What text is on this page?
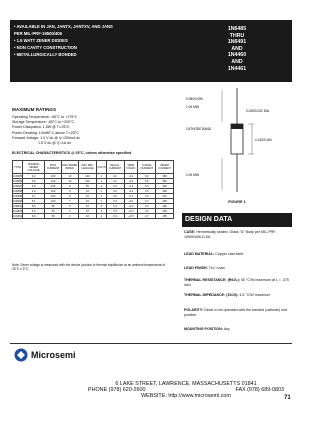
• AVAILABLE IN JAN, JANTX, JANTXV, AND JANS
PER MIL-PRF-19500/406
• 1.5 WATT ZENER DIODES
• NON CAVITY CONSTRUCTION
• METALLURGICALLY BONDED
1N6485
THRU
1N6491
AND
1N4460
AND
1N4461
MAXIMUM RATINGS
Operating Temperature: -65°C to +175°C
Storage Temperature: -65°C to +200°C
Power Dissipation: 1.5W @ Tₗ=25°C
Power Derating: 10mW/°C above Tₗ=25°C
Forward Voltage: 1.0 V dc @ Iƒ=200mA dc
1.5 V dc @ Iƒ=1A dc
ELECTRICAL CHARACTERISTICS @ 25°C, unless otherwise specified
TYPE	NOMINAL ZENER VOLTAGE	TEST CURRENT	MAX ZENER IMPED.	MAX REV. LEAKAGE	VOLTS	REGUL. CURRENT	TEMP. COEFF.	SURGE CURRENT	ZENER CURRENT
1N6485	3.3	100	10	100	1	0.2	-0.4	6.0	380
1N6486	3.6	100	10	100	1	0.2	-0.4	5.5	350
1N6487	3.9	100	9	50	1	0.2	-0.3	5.0	320
1N6488	4.3	100	9	10	1	0.2	-0.2	4.5	290
1N6489	4.7	100	8	10	1	0.2	-0.1	4.0	270
1N6490	5.1	100	7	10	1	0.3	+0.1	3.7	250
1N6491	5.6	50	5	10	2	0.3	+0.3	3.3	225
1N4460	6.2	50	2	10	3	0.3	+0.4	3.0	200
1N4461	6.8	50	2	10	4	0.3	+0.5	2.7	185
Note: Zener voltage is measured with the device junction in thermal equilibrium at an ambient temperature of 25°C ± 3°C.
0.080/0.090
1.00 MIN
0.026/0.032 DIA.
CATHODE BAND
0.140/0.160
1.00 MIN
FIGURE 1
DESIGN DATA
CASE: Hermetically sealed, Glass "A" Body per MIL-PRF-19500/406 D-5A
LEAD MATERIAL: Copper clad steel
LEAD FINISH: Tin / Lead
THERMAL RESISTANCE: (RθJL): 55 °C/W maximum at L = .375 inch
THERMAL IMPEDANCE: (ZθJX): 4.5 °C/W maximum
POLARITY: Diode to be operated with the banded (cathode) end positive.
MOUNTING POSITION: Any
Microsemi
6 LAKE STREET, LAWRENCE, MASSACHUSETTS 01841
PHONE (978) 620-2600	FAX (978) 689-0803
WEBSITE: http://www.microsemi.com	71
